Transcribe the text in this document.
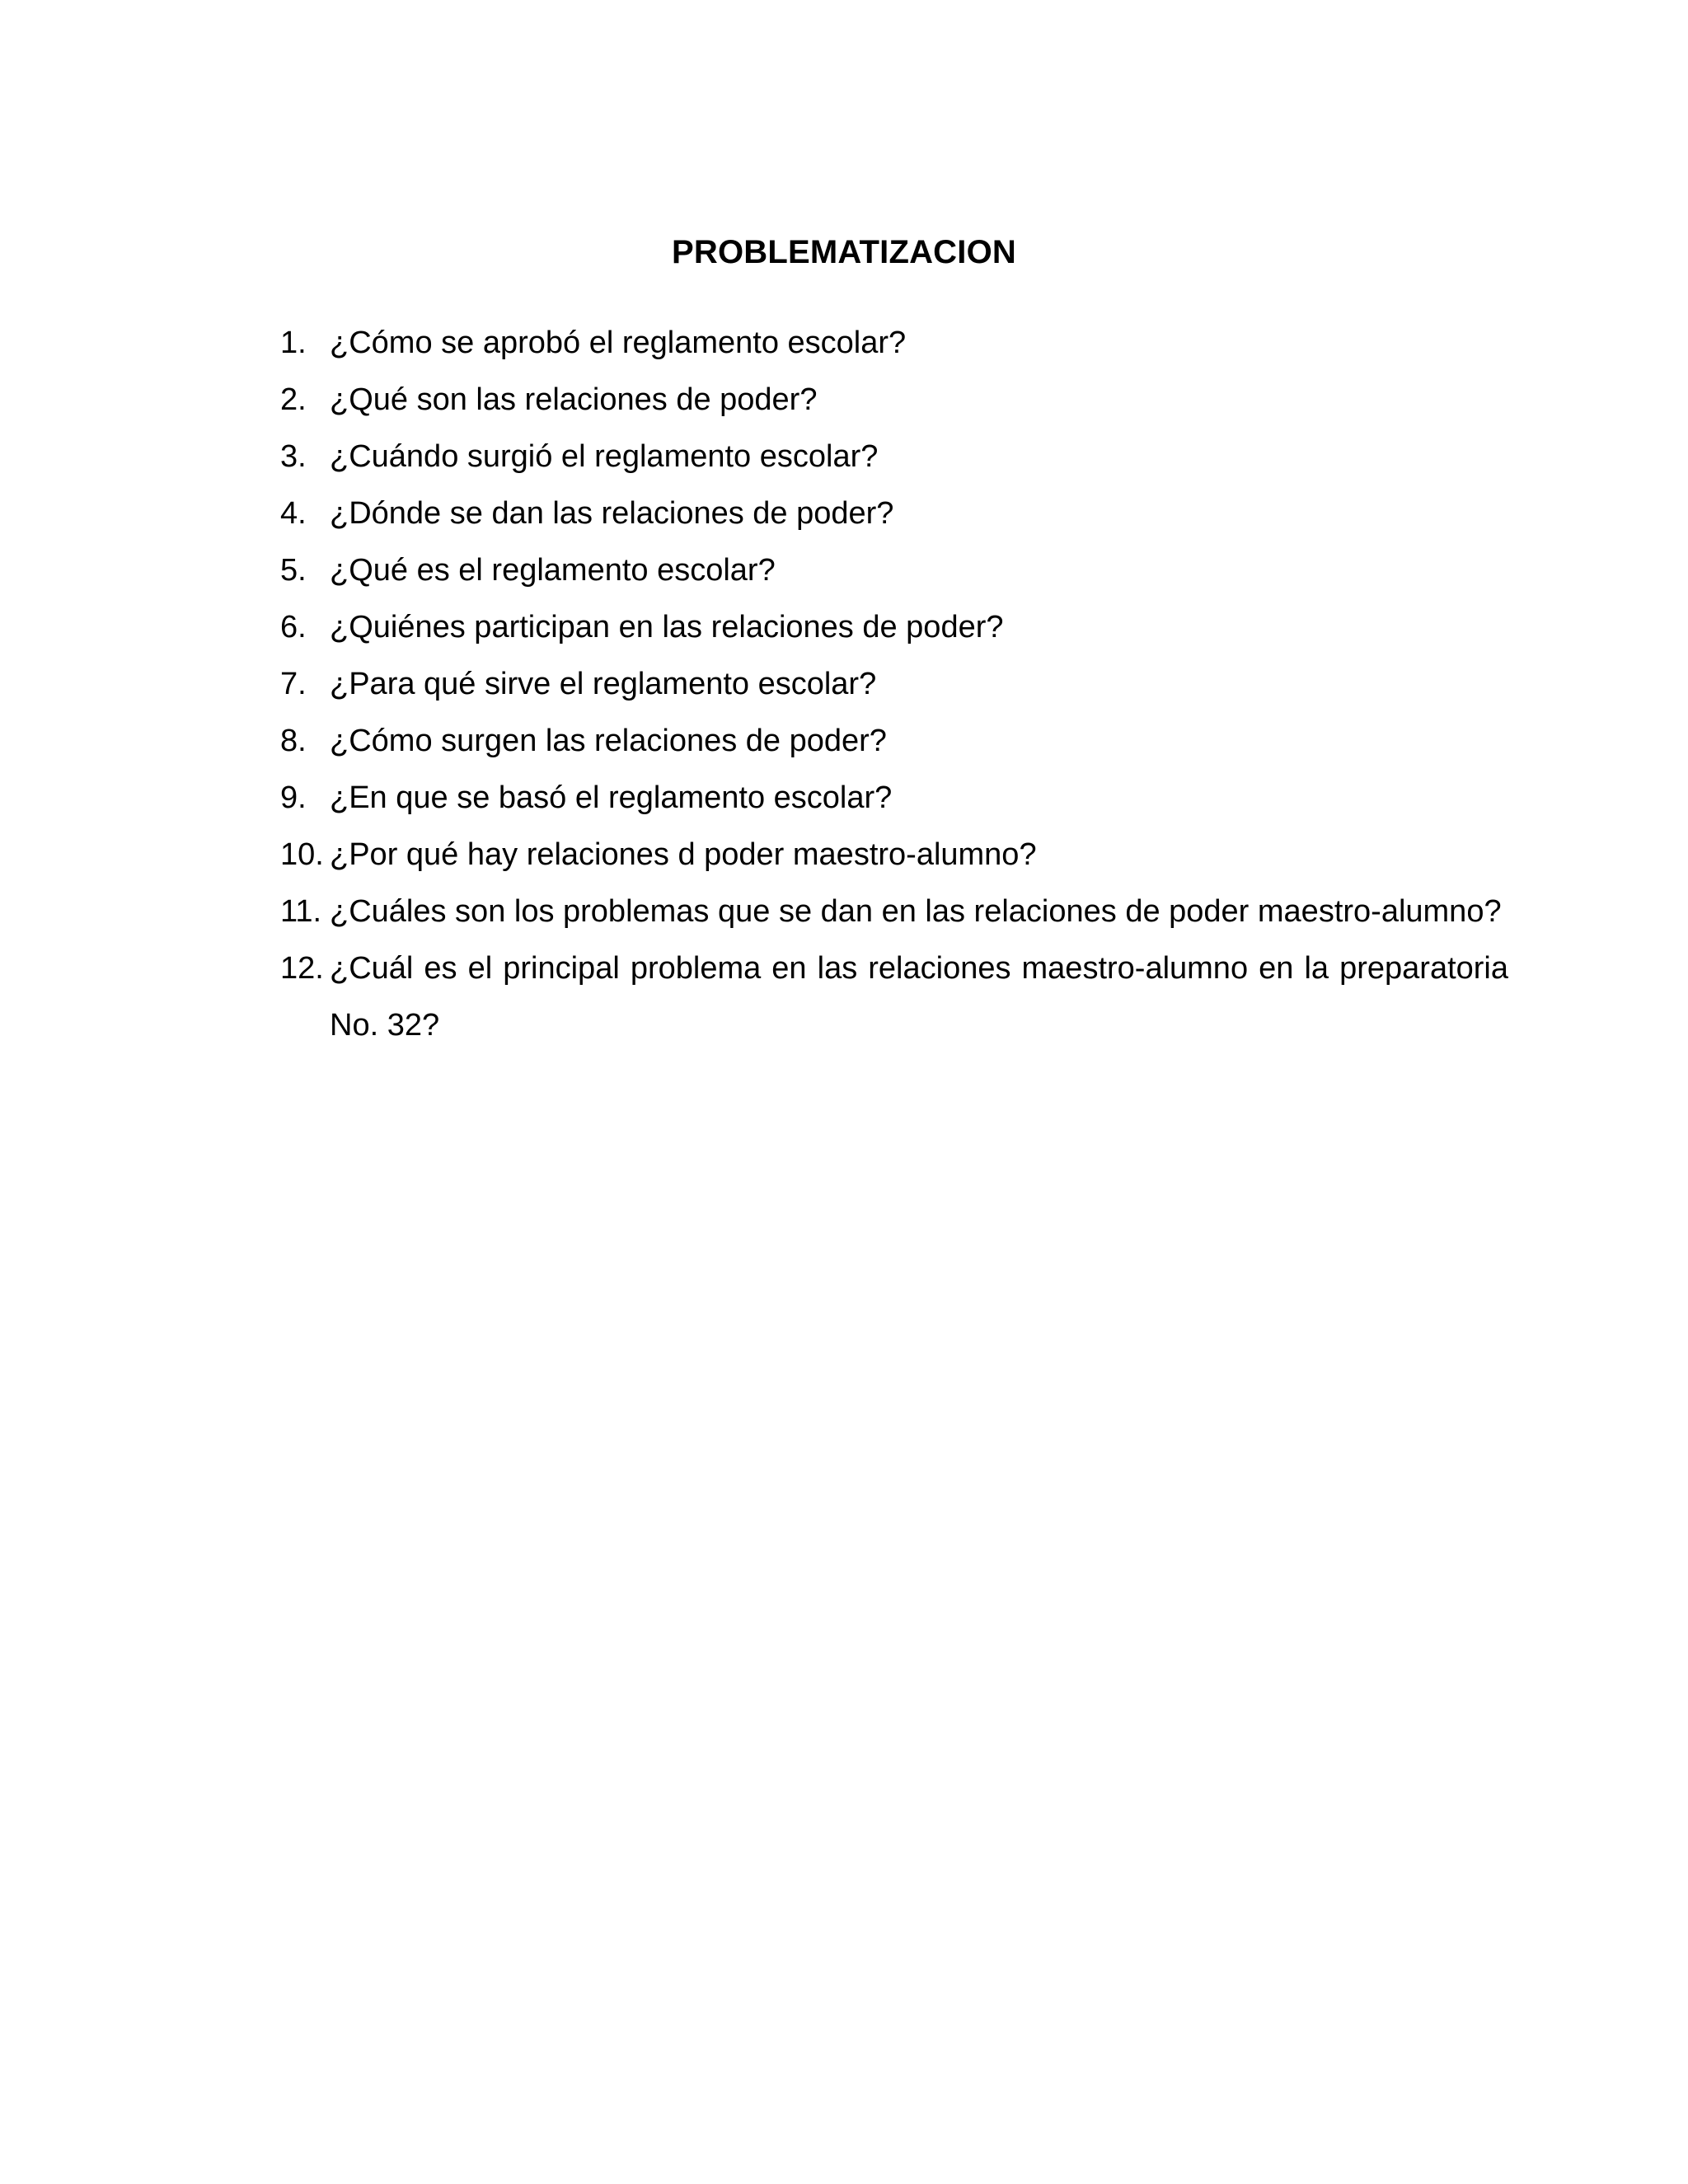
PROBLEMATIZACION
1. ¿Cómo se aprobó el reglamento escolar?
2. ¿Qué son las relaciones de poder?
3. ¿Cuándo surgió el reglamento escolar?
4. ¿Dónde se dan las relaciones de poder?
5. ¿Qué es el reglamento escolar?
6. ¿Quiénes participan en las relaciones de poder?
7. ¿Para qué sirve el reglamento escolar?
8. ¿Cómo surgen las relaciones de poder?
9. ¿En que se basó el reglamento escolar?
10. ¿Por qué hay relaciones d poder maestro-alumno?
11. ¿Cuáles son los problemas que se dan en las relaciones de poder maestro-alumno?
12. ¿Cuál es el principal problema en las relaciones maestro-alumno en la preparatoria No. 32?
